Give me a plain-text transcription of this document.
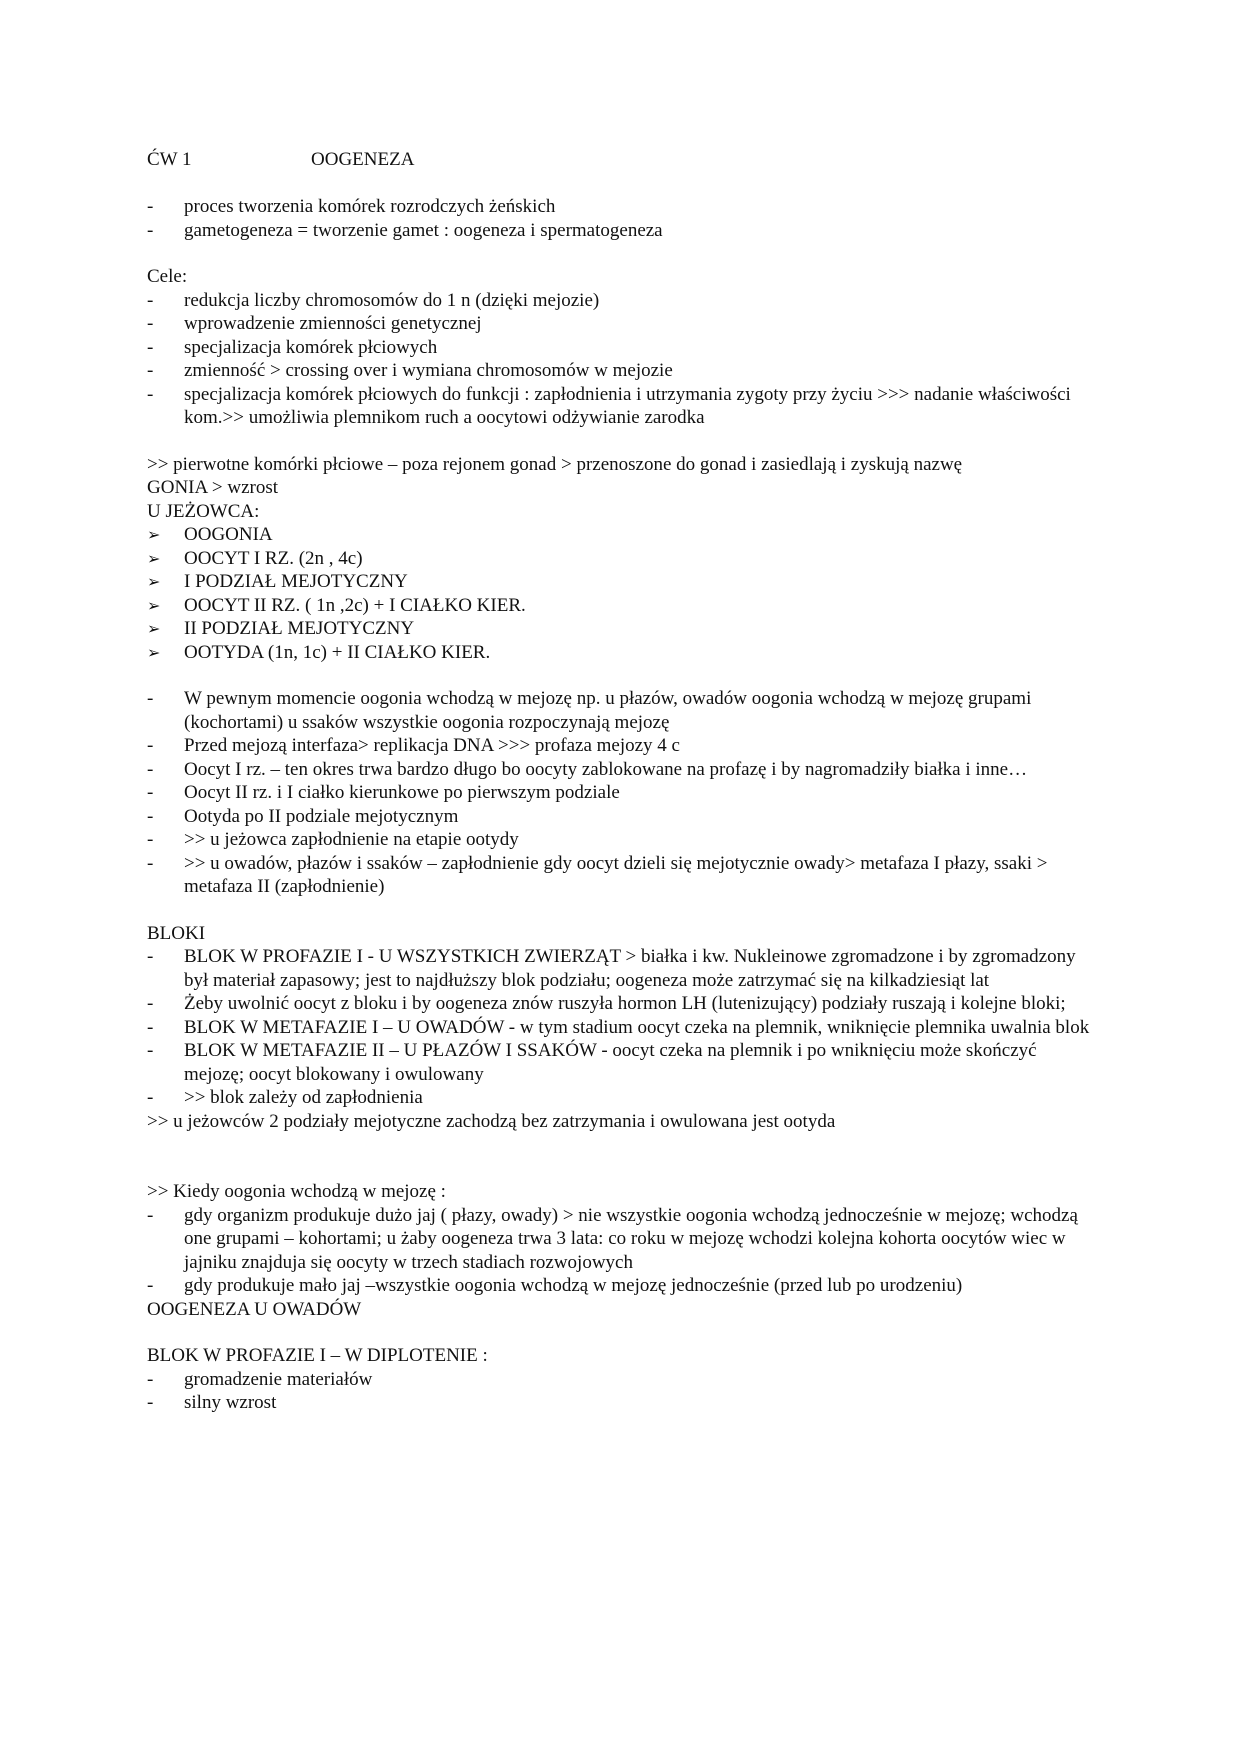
ĆW 1	OOGENEZA
-	proces tworzenia komórek rozrodczych żeńskich
-	gametogeneza = tworzenie gamet : oogeneza i spermatogeneza

Cele:

-	redukcja liczby chromosomów do 1 n (dzięki mejozie)
-	wprowadzenie zmienności genetycznej
-	specjalizacja komórek płciowych
-	zmienność > crossing over i wymiana chromosomów w mejozie
-	specjalizacja komórek płciowych do funkcji : zapłodnienia i utrzymania zygoty przy życiu >>> nadanie właściwości kom.>> umożliwia plemnikom ruch a oocytowi odżywianie zarodka

>> pierwotne komórki płciowe – poza rejonem gonad > przenoszone do gonad i zasiedlają i zyskują nazwę

GONIA > wzrost

U JEŻOWCA:

➢	OOGONIA
➢	OOCYT I RZ. (2n , 4c)
➢	I PODZIAŁ MEJOTYCZNY
➢	OOCYT II RZ. ( 1n ,2c) + I CIAŁKO KIER.
➢	II PODZIAŁ MEJOTYCZNY
➢	OOTYDA (1n, 1c) + II CIAŁKO KIER.
-	W pewnym momencie oogonia wchodzą w mejozę np. u płazów, owadów oogonia wchodzą w mejozę grupami (kochortami) u ssaków wszystkie oogonia rozpoczynają mejozę
-	Przed mejozą interfaza> replikacja DNA >>> profaza mejozy 4 c
-	Oocyt I rz. – ten okres trwa bardzo długo bo oocyty zablokowane na profazę i by nagromadziły białka i inne…
-	Oocyt II rz. i I ciałko kierunkowe po pierwszym podziale
-	Ootyda po II podziale mejotycznym
-	>> u jeżowca zapłodnienie na etapie ootydy
-	>> u owadów, płazów i ssaków – zapłodnienie gdy oocyt dzieli się mejotycznie owady> metafaza I płazy, ssaki > metafaza II (zapłodnienie)

BLOKI

-	BLOK W PROFAZIE I - U WSZYSTKICH ZWIERZĄT > białka i kw. Nukleinowe zgromadzone i by zgromadzony był materiał zapasowy; jest to najdłuższy blok podziału; oogeneza może zatrzymać się na kilkadziesiąt lat
-	Żeby uwolnić oocyt z bloku i by oogeneza znów ruszyła hormon LH (lutenizujący) podziały ruszają i kolejne bloki;
-	BLOK W METAFAZIE I – U OWADÓW - w tym stadium oocyt czeka na plemnik, wniknięcie plemnika uwalnia blok
-	BLOK W METAFAZIE II – U PŁAZÓW I SSAKÓW - oocyt czeka na plemnik i po wniknięciu może skończyć mejozę; oocyt blokowany i owulowany
-	>> blok zależy od zapłodnienia

>> u jeżowców 2 podziały mejotyczne zachodzą bez zatrzymania i owulowana jest ootyda

>> Kiedy oogonia wchodzą w mejozę :

-	gdy organizm produkuje dużo jaj ( płazy, owady) > nie wszystkie oogonia wchodzą jednocześnie w mejozę; wchodzą one grupami – kohortami; u żaby oogeneza trwa 3 lata: co roku w mejozę wchodzi kolejna kohorta oocytów wiec w jajniku znajduja się oocyty w trzech stadiach rozwojowych
-	gdy produkuje mało jaj –wszystkie oogonia wchodzą w mejozę jednocześnie (przed lub po urodzeniu)

OOGENEZA U OWADÓW

BLOK W PROFAZIE I – W DIPLOTENIE :

-	gromadzenie materiałów
-	silny wzrost
